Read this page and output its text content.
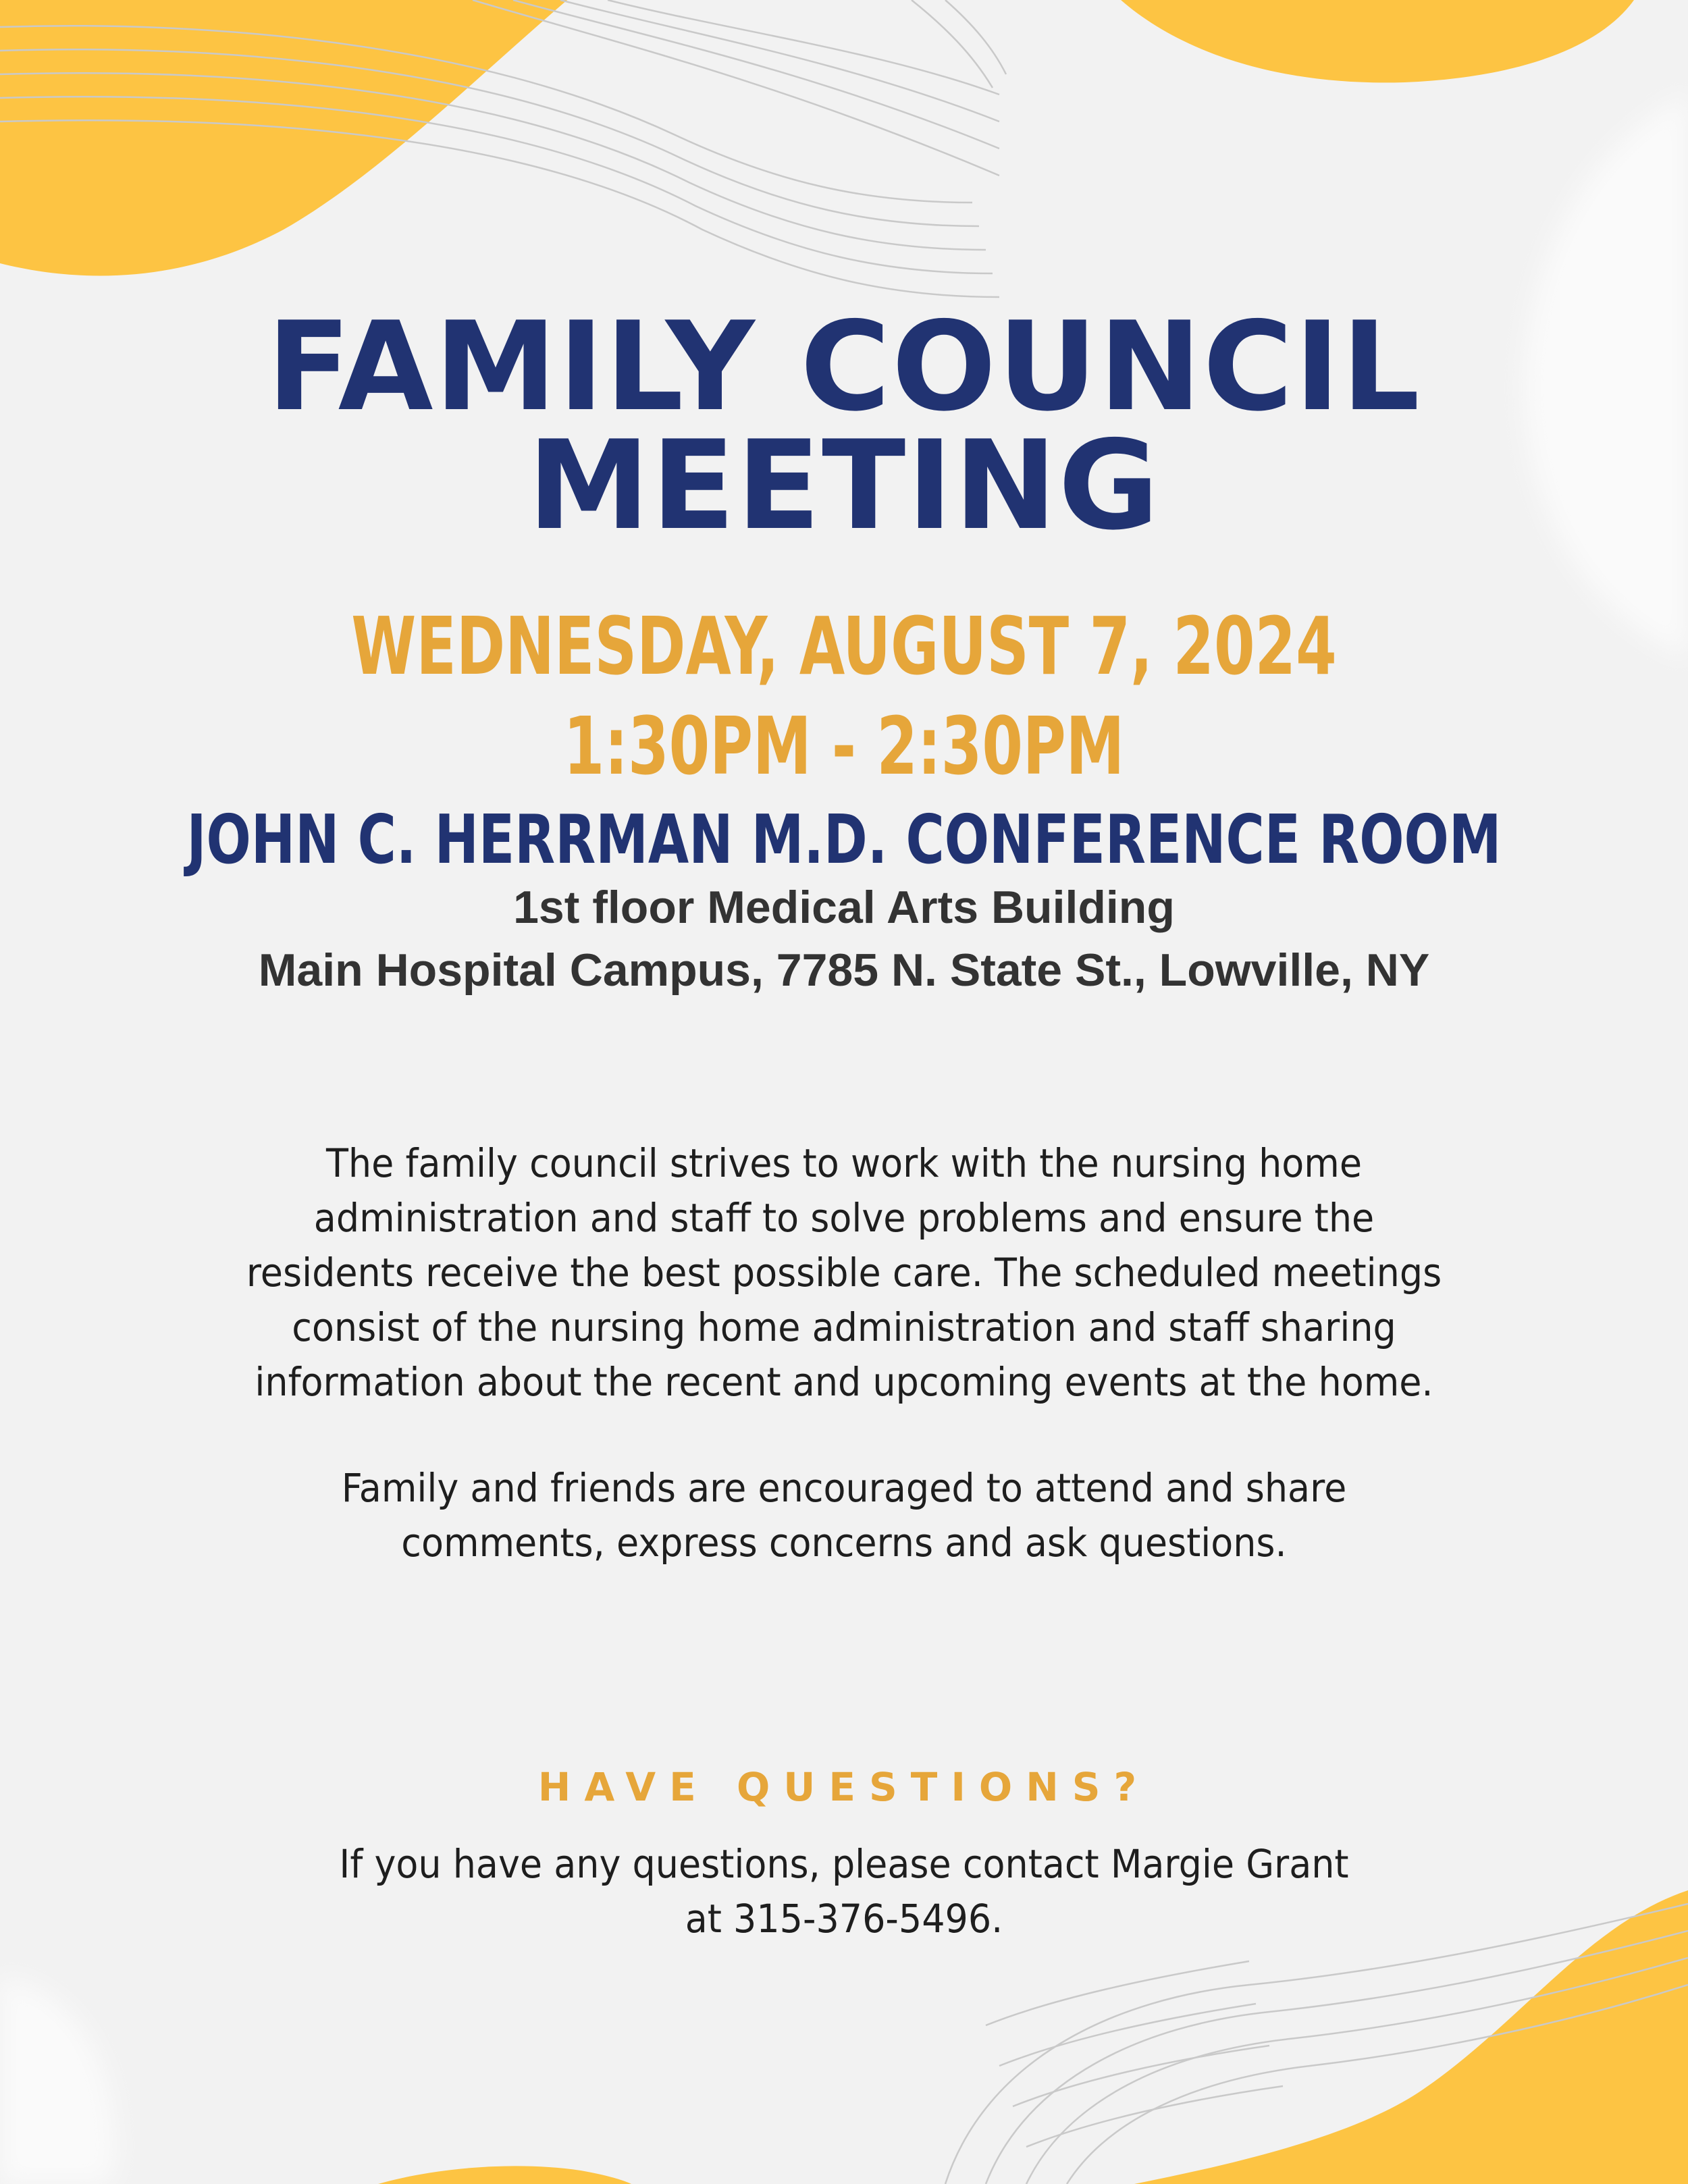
FAMILY COUNCIL
MEETING
WEDNESDAY, AUGUST 7, 2024
1:30PM - 2:30PM
JOHN C. HERRMAN M.D. CONFERENCE ROOM
1st floor Medical Arts Building
Main Hospital Campus, 7785 N. State St., Lowville, NY
The family council strives to work with the nursing home
administration and staff to solve problems and ensure the
residents receive the best possible care. The scheduled meetings
consist of the nursing home administration and staff sharing
information about the recent and upcoming events at the home.
Family and friends are encouraged to attend and share
comments, express concerns and ask questions.
HAVE QUESTIONS?
If you have any questions, please contact Margie Grant
at 315-376-5496.
